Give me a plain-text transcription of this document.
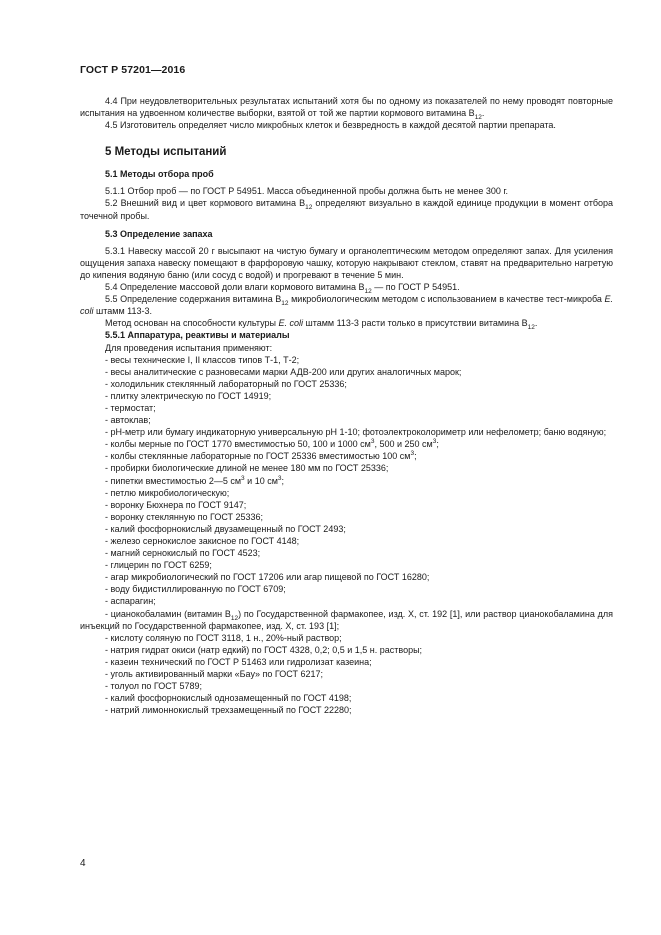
ГОСТ Р 57201—2016

4.4 При неудовлетворительных результатах испытаний хотя бы по одному из показателей по нему проводят повторные испытания на удвоенном количестве выборки, взятой от той же партии кормового витамина $В_{12}$.

4.5 Изготовитель определяет число микробных клеток и безвредность в каждой десятой партии препарата.

5 Методы испытаний

5.1 Методы отбора проб

5.1.1 Отбор проб — по ГОСТ Р 54951. Масса объединенной пробы должна быть не менее 300 г.

5.2 Внешний вид и цвет кормового витамина $В_{12}$ определяют визуально в каждой единице продукции в момент отбора точечной пробы.

5.3 Определение запаха

5.3.1 Навеску массой 20 г высыпают на чистую бумагу и органолептическим методом определяют запах. Для усиления ощущения запаха навеску помещают в фарфоровую чашку, которую накрывают стеклом, ставят на предварительно нагретую до кипения водяную баню (или сосуд с водой) и прогревают в течение 5 мин.

5.4 Определение массовой доли влаги кормового витамина $В_{12}$ — по ГОСТ Р 54951.

5.5 Определение содержания витамина $В_{12}$ микробиологическим методом с использованием в качестве тест-микроба E. coli штамм 113-3.

Метод основан на способности культуры E. coli штамм 113-3 расти только в присутствии витамина $В_{12}$.

5.5.1 Аппаратура, реактивы и материалы

Для проведения испытания применяют:

- весы технические I, II классов типов Т-1, Т-2;

- весы аналитические с разновесами марки АДВ-200 или других аналогичных марок;

- холодильник стеклянный лабораторный по ГОСТ 25336;

- плитку электрическую по ГОСТ 14919;

- термостат;

- автоклав;

- рН-метр или бумагу индикаторную универсальную рН 1-10; фотоэлектроколориметр или нефелометр; баню водяную;

- колбы мерные по ГОСТ 1770 вместимостью 50, 100 и 1000 $см^3$, 500 и 250 $см^3$;

- колбы стеклянные лабораторные по ГОСТ 25336 вместимостью 100 $см^3$;

- пробирки биологические длиной не менее 180 мм по ГОСТ 25336;

- пипетки вместимостью 2—5 $см^3$ и 10 $см^3$;

- петлю микробиологическую;

- воронку Бюхнера по ГОСТ 9147;

- воронку стеклянную по ГОСТ 25336;

- калий фосфорнокислый двузамещенный по ГОСТ 2493;

- железо сернокислое закисное по ГОСТ 4148;

- магний сернокислый по ГОСТ 4523;

- глицерин по ГОСТ 6259;

- агар микробиологический по ГОСТ 17206 или агар пищевой по ГОСТ 16280;

- воду бидистиллированную по ГОСТ 6709;

- аспарагин;

- цианокобаламин (витамин $В_{12}$) по Государственной фармакопее, изд. X, ст. 192 [1], или раствор цианокобаламина для инъекций по Государственной фармакопее, изд. X, ст. 193 [1];

- кислоту соляную по ГОСТ 3118, 1 н., 20%-ный раствор;

- натрия гидрат окиси (натр едкий) по ГОСТ 4328, 0,2; 0,5 и 1,5 н. растворы;

- казеин технический по ГОСТ Р 51463 или гидролизат казеина;

- уголь активированный марки «Бау» по ГОСТ 6217;

- толуол по ГОСТ 5789;

- калий фосфорнокислый однозамещенный по ГОСТ 4198;

- натрий лимоннокислый трехзамещенный по ГОСТ 22280;

4
